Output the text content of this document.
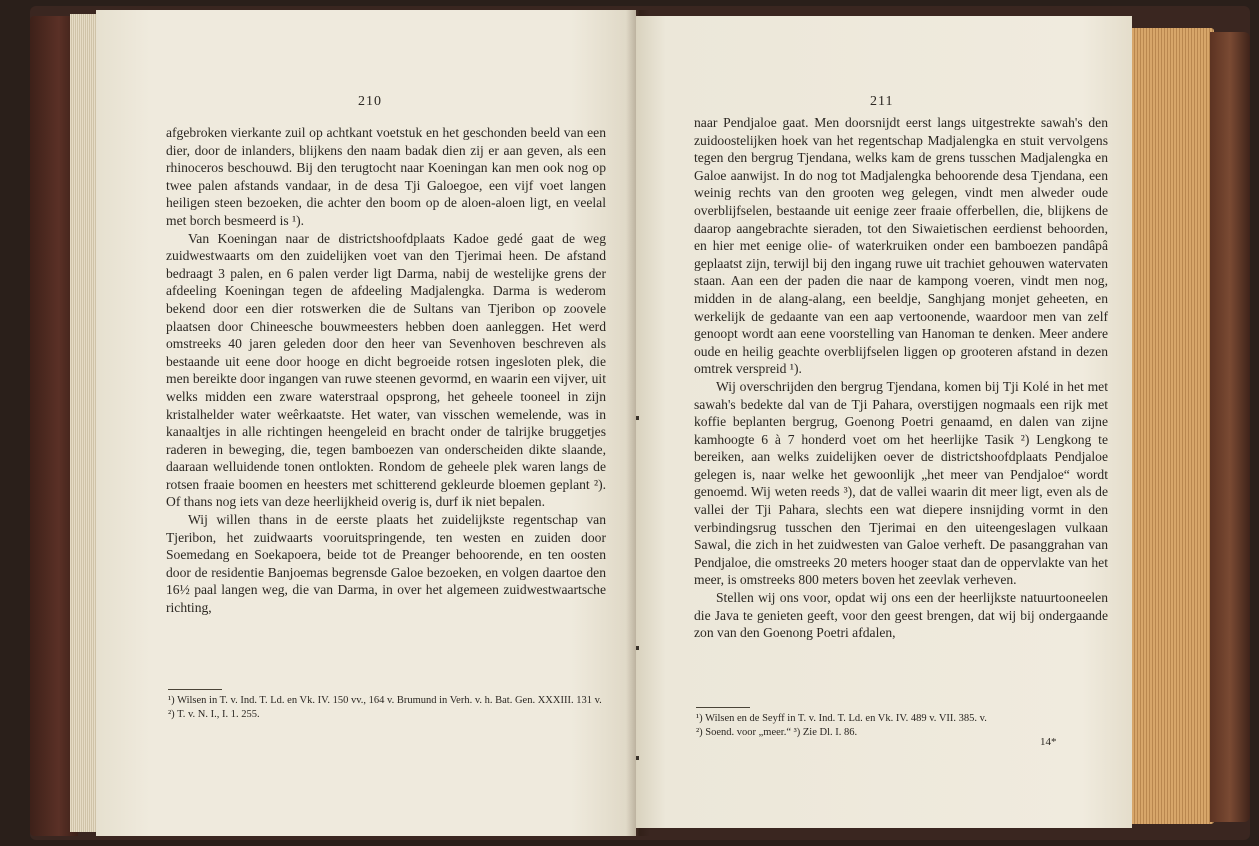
210

afgebroken vierkante zuil op achtkant voetstuk en het geschonden beeld van een dier, door de inlanders, blijkens den naam badak dien zij er aan geven, als een rhinoceros beschouwd. Bij den terugtocht naar Koeningan kan men ook nog op twee palen afstands vandaar, in de desa Tji Galoegoe, een vijf voet langen heiligen steen bezoeken, die achter den boom op de aloen-aloen ligt, en veelal met borch besmeerd is ¹).

Van Koeningan naar de districtshoofdplaats Kadoe gedé gaat de weg zuidwestwaarts om den zuidelijken voet van den Tjerimai heen. De afstand bedraagt 3 palen, en 6 palen verder ligt Darma, nabij de westelijke grens der afdeeling Koeningan tegen de afdeeling Madjalengka. Darma is wederom bekend door een dier rotswerken die de Sultans van Tjeribon op zoovele plaatsen door Chineesche bouwmeesters hebben doen aanleggen. Het werd omstreeks 40 jaren geleden door den heer van Sevenhoven beschreven als bestaande uit eene door hooge en dicht begroeide rotsen ingesloten plek, die men bereikte door ingangen van ruwe steenen gevormd, en waarin een vijver, uit welks midden een zware waterstraal opsprong, het geheele tooneel in zijn kristalhelder water weêrkaatste. Het water, van visschen wemelende, was in kanaaltjes in alle richtingen heengeleid en bracht onder de talrijke bruggetjes raderen in beweging, die, tegen bamboezen van onderscheiden dikte slaande, daaraan welluidende tonen ontlokten. Rondom de geheele plek waren langs de rotsen fraaie boomen en heesters met schitterend gekleurde bloemen geplant ²). Of thans nog iets van deze heerlijkheid overig is, durf ik niet bepalen.

Wij willen thans in de eerste plaats het zuidelijkste regentschap van Tjeribon, het zuidwaarts vooruitspringende, ten westen en zuiden door Soemedang en Soekapoera, beide tot de Preanger behoorende, en ten oosten door de residentie Banjoemas begrensde Galoe bezoeken, en volgen daartoe den 16½ paal langen weg, die van Darma, in over het algemeen zuidwestwaartsche richting,

¹) Wilsen in T. v. Ind. T. Ld. en Vk. IV. 150 vv., 164 v. Brumund in Verh. v. h. Bat. Gen. XXXIII. 131 v.
²) T. v. N. I., I. 1. 255.
211

naar Pendjaloe gaat. Men doorsnijdt eerst langs uitgestrekte sawah's den zuidoostelijken hoek van het regentschap Madjalengka en stuit vervolgens tegen den bergrug Tjendana, welks kam de grens tusschen Madjalengka en Galoe aanwijst. In do nog tot Madjalengka behoorende desa Tjendana, een weinig rechts van den grooten weg gelegen, vindt men alweder oude overblijfselen, bestaande uit eenige zeer fraaie offerbellen, die, blijkens de daarop aangebrachte sieraden, tot den Siwaietischen eerdienst behoorden, en hier met eenige olie- of waterkruiken onder een bamboezen pandâpâ geplaatst zijn, terwijl bij den ingang ruwe uit trachiet gehouwen watervaten staan. Aan een der paden die naar de kampong voeren, vindt men nog, midden in de alang-alang, een beeldje, Sanghjang monjet geheeten, en werkelijk de gedaante van een aap vertoonende, waardoor men van zelf genoopt wordt aan eene voorstelling van Hanoman te denken. Meer andere oude en heilig geachte overblijfselen liggen op grooteren afstand in dezen omtrek verspreid ¹).

Wij overschrijden den bergrug Tjendana, komen bij Tji Kolé in het met sawah's bedekte dal van de Tji Pahara, overstijgen nogmaals een rijk met koffie beplanten bergrug, Goenong Poetri genaamd, en dalen van zijne kamhoogte 6 à 7 honderd voet om het heerlijke Tasik ²) Lengkong te bereiken, aan welks zuidelijken oever de districtshoofdplaats Pendjaloe gelegen is, naar welke het gewoonlijk „het meer van Pendjaloe“ wordt genoemd. Wij weten reeds ³), dat de vallei waarin dit meer ligt, even als de vallei der Tji Pahara, slechts een wat diepere insnijding vormt in den verbindingsrug tusschen den Tjerimai en den uiteengeslagen vulkaan Sawal, die zich in het zuidwesten van Galoe verheft. De pasanggrahan van Pendjaloe, die omstreeks 20 meters hooger staat dan de oppervlakte van het meer, is omstreeks 800 meters boven het zeevlak verheven.

Stellen wij ons voor, opdat wij ons een der heerlijkste natuurtooneelen die Java te genieten geeft, voor den geest brengen, dat wij bij ondergaande zon van den Goenong Poetri afdalen,

¹) Wilsen en de Seyff in T. v. Ind. T. Ld. en Vk. IV. 489 v. VII. 385. v.
²) Soend. voor „meer.“ ³) Zie Dl. I. 86.
14*
